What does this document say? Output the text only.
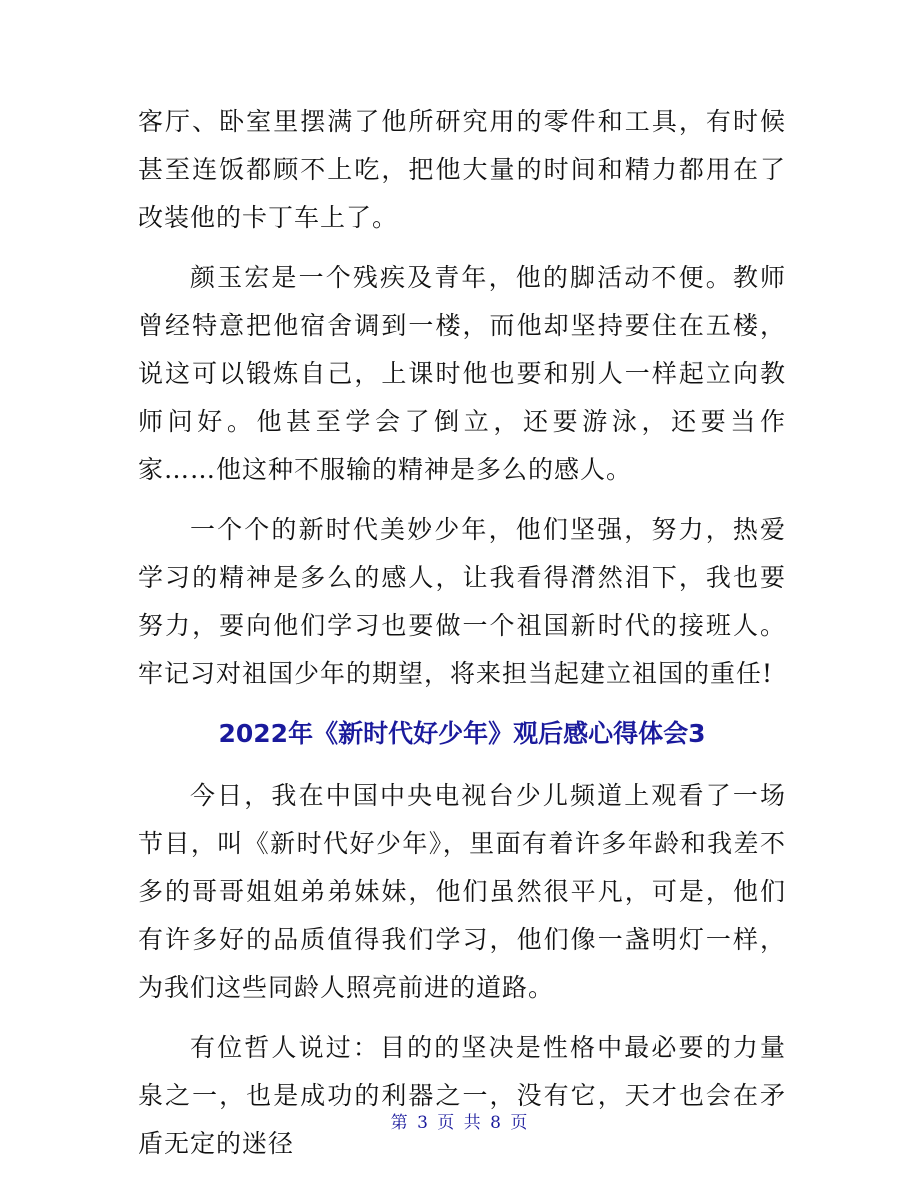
客厅、卧室里摆满了他所研究用的零件和工具，有时候甚至连饭都顾不上吃，把他大量的时间和精力都用在了改装他的卡丁车上了。

颜玉宏是一个残疾及青年，他的脚活动不便。教师曾经特意把他宿舍调到一楼，而他却坚持要住在五楼，说这可以锻炼自己，上课时他也要和别人一样起立向教师问好。他甚至学会了倒立，还要游泳，还要当作家……他这种不服输的精神是多么的感人。

一个个的新时代美妙少年，他们坚强，努力，热爱学习的精神是多么的感人，让我看得潸然泪下，我也要努力，要向他们学习也要做一个祖国新时代的接班人。牢记习对祖国少年的期望，将来担当起建立祖国的重任!

2022年《新时代好少年》观后感心得体会3

今日，我在中国中央电视台少儿频道上观看了一场节目，叫《新时代好少年》，里面有着许多年龄和我差不多的哥哥姐姐弟弟妹妹，他们虽然很平凡，可是，他们有许多好的品质值得我们学习，他们像一盏明灯一样，为我们这些同龄人照亮前进的道路。

有位哲人说过：目的的坚决是性格中最必要的力量泉之一，也是成功的利器之一，没有它，天才也会在矛盾无定的迷径

第 3 页 共 8 页
